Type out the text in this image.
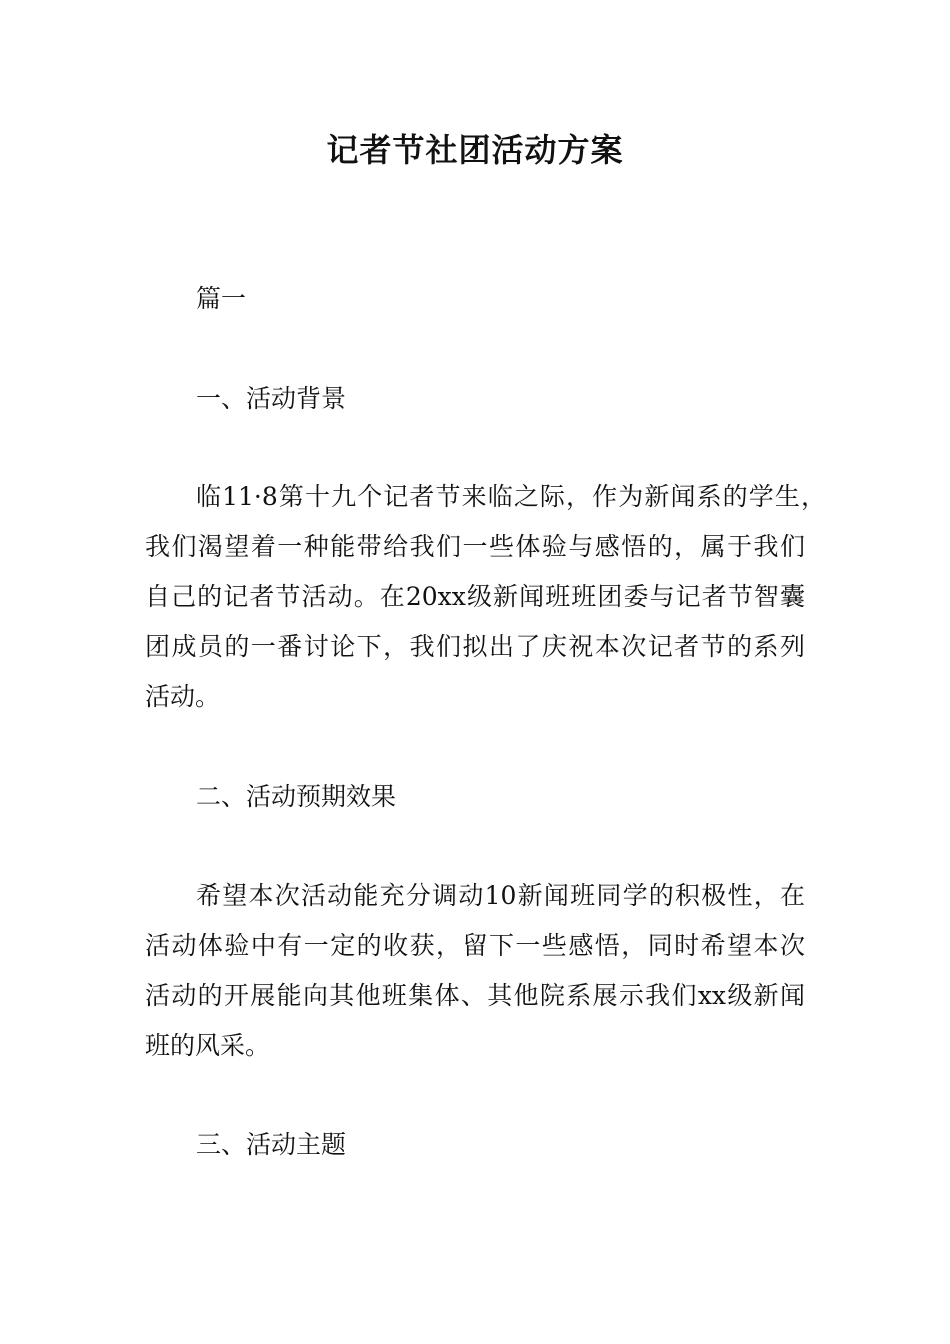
记者节社团活动方案
篇一
一、活动背景
临11·8第十九个记者节来临之际，作为新闻系的学生，
我们渴望着一种能带给我们一些体验与感悟的，属于我们
自己的记者节活动。在20xx级新闻班班团委与记者节智囊
团成员的一番讨论下，我们拟出了庆祝本次记者节的系列
活动。
二、活动预期效果
希望本次活动能充分调动10新闻班同学的积极性，在
活动体验中有一定的收获，留下一些感悟，同时希望本次
活动的开展能向其他班集体、其他院系展示我们xx级新闻
班的风采。
三、活动主题
